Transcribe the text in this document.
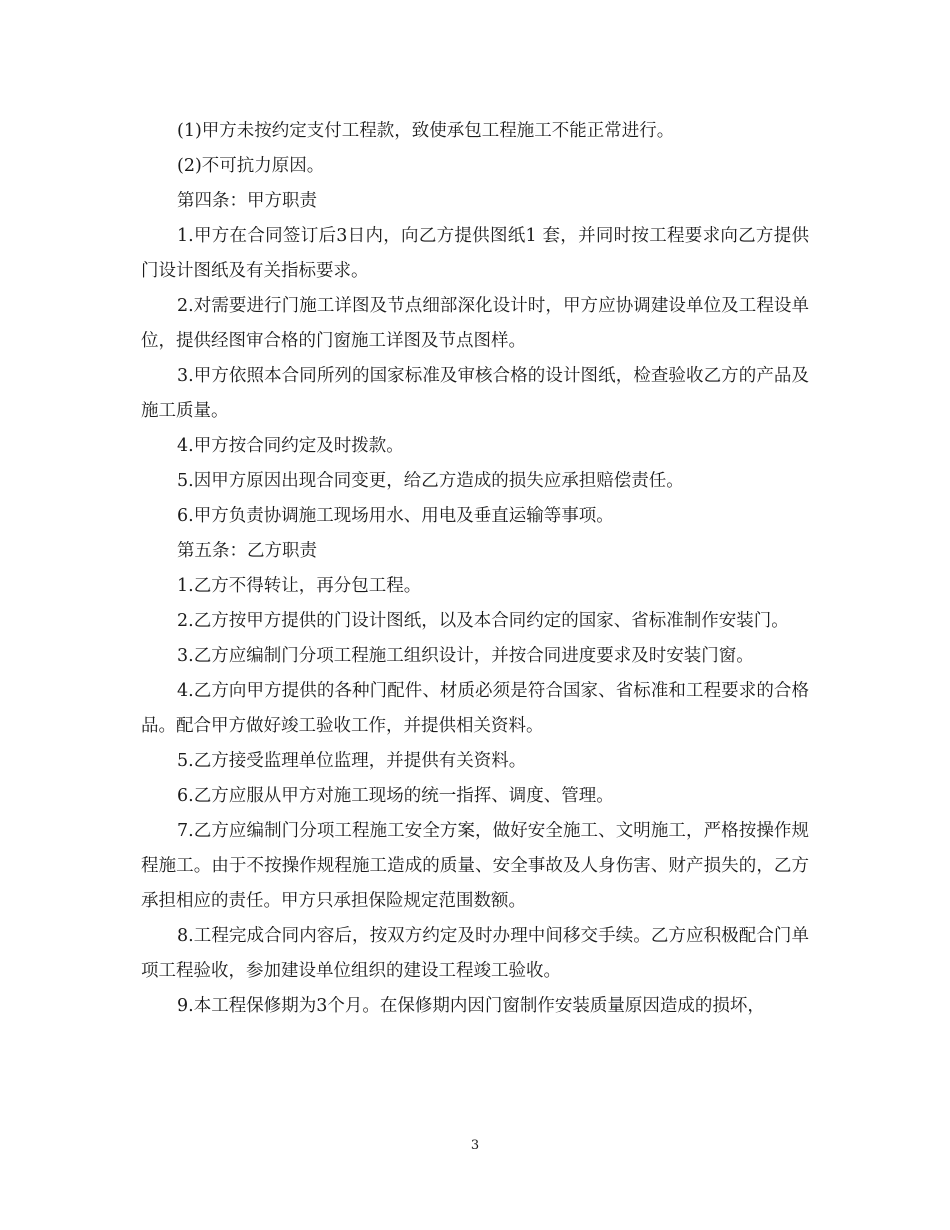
(1)甲方未按约定支付工程款，致使承包工程施工不能正常进行。

(2)不可抗力原因。

第四条：甲方职责

1.甲方在合同签订后3日内，向乙方提供图纸1 套，并同时按工程要求向乙方提供门设计图纸及有关指标要求。

2.对需要进行门施工详图及节点细部深化设计时，甲方应协调建设单位及工程设单位，提供经图审合格的门窗施工详图及节点图样。

3.甲方依照本合同所列的国家标准及审核合格的设计图纸，检查验收乙方的产品及施工质量。

4.甲方按合同约定及时拨款。

5.因甲方原因出现合同变更，给乙方造成的损失应承担赔偿责任。

6.甲方负责协调施工现场用水、用电及垂直运输等事项。

第五条：乙方职责

1.乙方不得转让，再分包工程。

2.乙方按甲方提供的门设计图纸，以及本合同约定的国家、省标准制作安装门。

3.乙方应编制门分项工程施工组织设计，并按合同进度要求及时安装门窗。

4.乙方向甲方提供的各种门配件、材质必须是符合国家、省标准和工程要求的合格品。配合甲方做好竣工验收工作，并提供相关资料。

5.乙方接受监理单位监理，并提供有关资料。

6.乙方应服从甲方对施工现场的统一指挥、调度、管理。

7.乙方应编制门分项工程施工安全方案，做好安全施工、文明施工，严格按操作规程施工。由于不按操作规程施工造成的质量、安全事故及人身伤害、财产损失的，乙方承担相应的责任。甲方只承担保险规定范围数额。

8.工程完成合同内容后，按双方约定及时办理中间移交手续。乙方应积极配合门单项工程验收，参加建设单位组织的建设工程竣工验收。

9.本工程保修期为3个月。在保修期内因门窗制作安装质量原因造成的损坏，

3
